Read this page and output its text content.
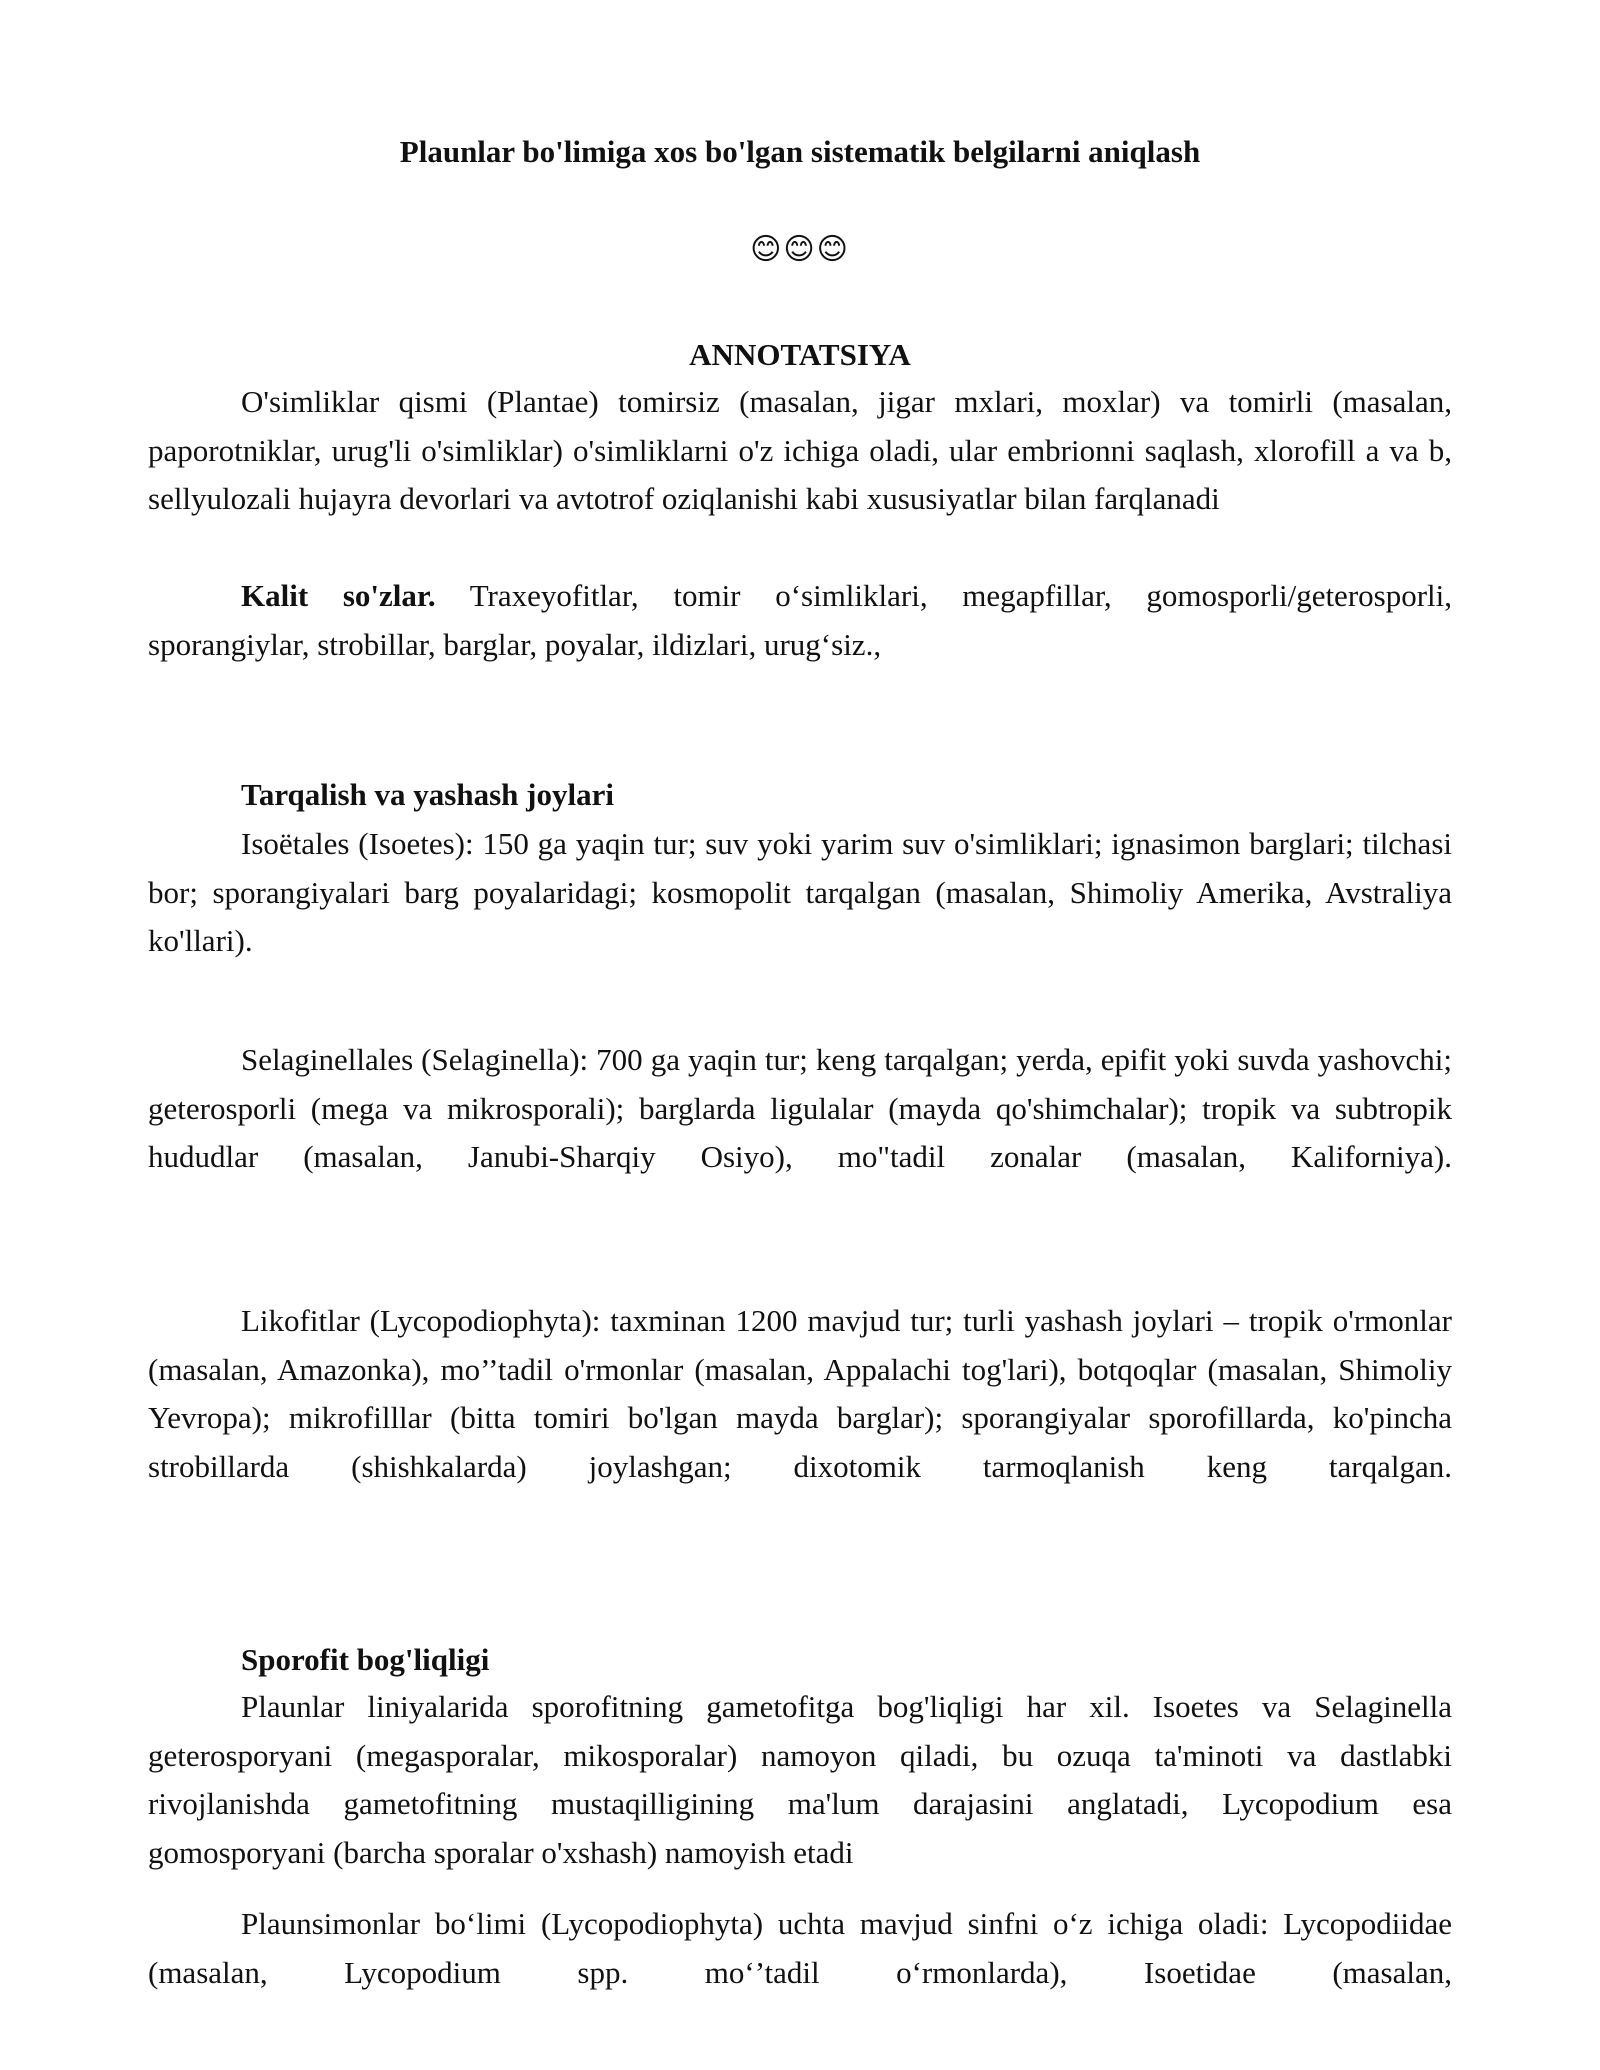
Plaunlar bo'limiga xos bo'lgan sistematik belgilarni aniqlash
😊😊😊
ANNOTATSIYA

O'simliklar qismi (Plantae) tomirsiz (masalan, jigar mxlari, moxlar) va tomirli (masalan, paporotniklar, urug'li o'simliklar) o'simliklarni o'z ichiga oladi, ular embrionni saqlash, xlorofill a va b, sellyulozali hujayra devorlari va avtotrof oziqlanishi kabi xususiyatlar bilan farqlanadi

Kalit so'zlar. Traxeyofitlar, tomir o‘simliklari, megapfillar, gomosporli/geterosporli, sporangiylar, strobillar, barglar, poyalar, ildizlari, urug‘siz.,

Tarqalish va yashash joylari

Isoëtales (Isoetes): 150 ga yaqin tur; suv yoki yarim suv o'simliklari; ignasimon barglari; tilchasi bor; sporangiyalari barg poyalaridagi; kosmopolit tarqalgan (masalan, Shimoliy Amerika, Avstraliya ko'llari).

Selaginellales (Selaginella): 700 ga yaqin tur; keng tarqalgan; yerda, epifit yoki suvda yashovchi; geterosporli (mega va mikrosporali); barglarda ligulalar (mayda qo'shimchalar); tropik va subtropik hududlar (masalan, Janubi-Sharqiy Osiyo), mo"tadil zonalar (masalan, Kaliforniya).

Likofitlar (Lycopodiophyta): taxminan 1200 mavjud tur; turli yashash joylari – tropik o'rmonlar (masalan, Amazonka), mo’’tadil o'rmonlar (masalan, Appalachi tog'lari), botqoqlar (masalan, Shimoliy Yevropa); mikrofilllar (bitta tomiri bo'lgan mayda barglar); sporangiyalar sporofillarda, ko'pincha strobillarda (shishkalarda) joylashgan; dixotomik tarmoqlanish keng tarqalgan.

Sporofit bog'liqligi

Plaunlar liniyalarida sporofitning gametofitga bog'liqligi har xil. Isoetes va Selaginella geterosporyani (megasporalar, mikosporalar) namoyon qiladi, bu ozuqa ta'minoti va dastlabki rivojlanishda gametofitning mustaqilligining ma'lum darajasini anglatadi, Lycopodium esa gomosporyani (barcha sporalar o'xshash) namoyish etadi

Plaunsimonlar bo‘limi (Lycopodiophyta) uchta mavjud sinfni o‘z ichiga oladi: Lycopodiidae (masalan, Lycopodium spp. mo‘’tadil o‘rmonlarda), Isoetidae (masalan,
